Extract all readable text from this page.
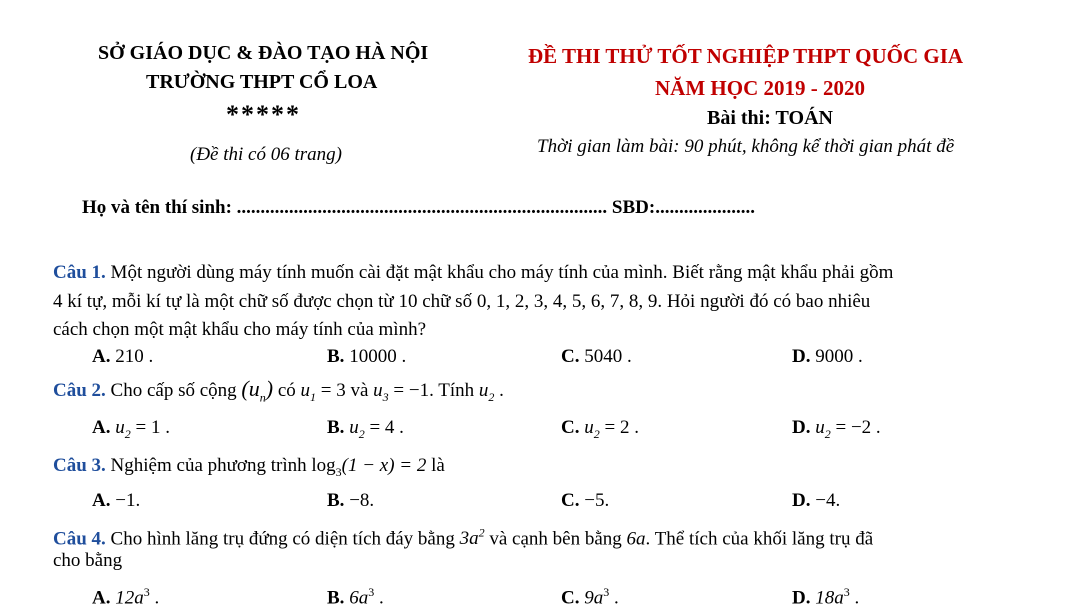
SỞ GIÁO DỤC & ĐÀO TẠO HÀ NỘI
TRƯỜNG THPT CỔ LOA
*****
(Đề thi có 06 trang)
ĐỀ THI THỬ TỐT NGHIỆP THPT QUỐC GIA
NĂM HỌC 2019 - 2020
Bài thi: TOÁN
Thời gian làm bài: 90 phút, không kể thời gian phát đề
Họ và tên thí sinh: .............................................................................. SBD:.....................
Câu 1. Một người dùng máy tính muốn cài đặt mật khẩu cho máy tính của mình. Biết rằng mật khẩu phải gồm
4 kí tự, mỗi kí tự là một chữ số được chọn từ 10 chữ số 0, 1, 2, 3, 4, 5, 6, 7, 8, 9. Hỏi người đó có bao nhiêu
cách chọn một mật khẩu cho máy tính của mình?
A. 210 .	B. 10000 .	C. 5040 .	D. 9000 .
Câu 2. Cho cấp số cộng $(u_n)$ có $u_1 = 3$ và $u_3 = -1$. Tính $u_2$ .
A. $u_2 = 1$ .	B. $u_2 = 4$ .	C. $u_2 = 2$ .	D. $u_2 = -2$ .
Câu 3. Nghiệm của phương trình $\log_3(1 - x) = 2$ là
A. −1.	B. −8.	C. −5.	D. −4.
Câu 4. Cho hình lăng trụ đứng có diện tích đáy bằng $3a^2$ và cạnh bên bằng 6a. Thể tích của khối lăng trụ đã
cho bằng
A. $12a^3$ .	B. $6a^3$ .	C. $9a^3$ .	D. $18a^3$ .
